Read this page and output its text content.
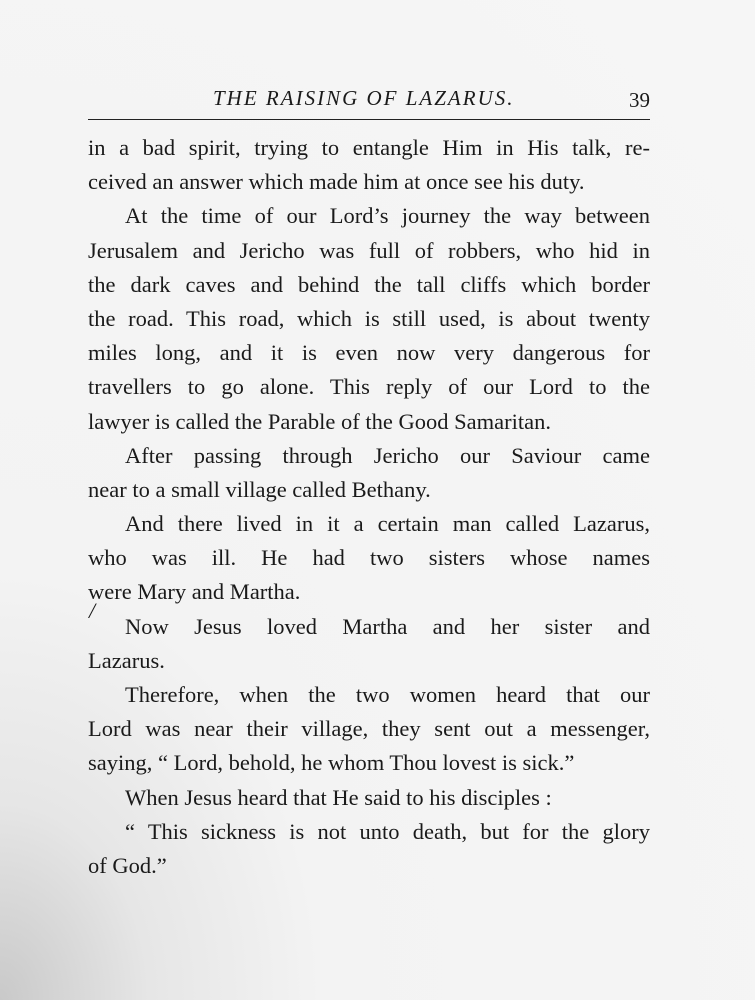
THE RAISING OF LAZARUS.	39
in a bad spirit, trying to entangle Him in His talk, re-
ceived an answer which made him at once see his duty.
At the time of our Lord’s journey the way between
Jerusalem and Jericho was full of robbers, who hid in
the dark caves and behind the tall cliffs which border
the road. This road, which is still used, is about twenty
miles long, and it is even now very dangerous for
travellers to go alone. This reply of our Lord to the
lawyer is called the Parable of the Good Samaritan.
After passing through Jericho our Saviour came
near to a small village called Bethany.
And there lived in it a certain man called Lazarus,
who was ill. He had two sisters whose names
were Mary and Martha.
Now Jesus loved Martha and her sister and
Lazarus.
Therefore, when the two women heard that our
Lord was near their village, they sent out a messenger,
saying, “ Lord, behold, he whom Thou lovest is sick.”
When Jesus heard that He said to his disciples :
“ This sickness is not unto death, but for the glory
of God.”
/
